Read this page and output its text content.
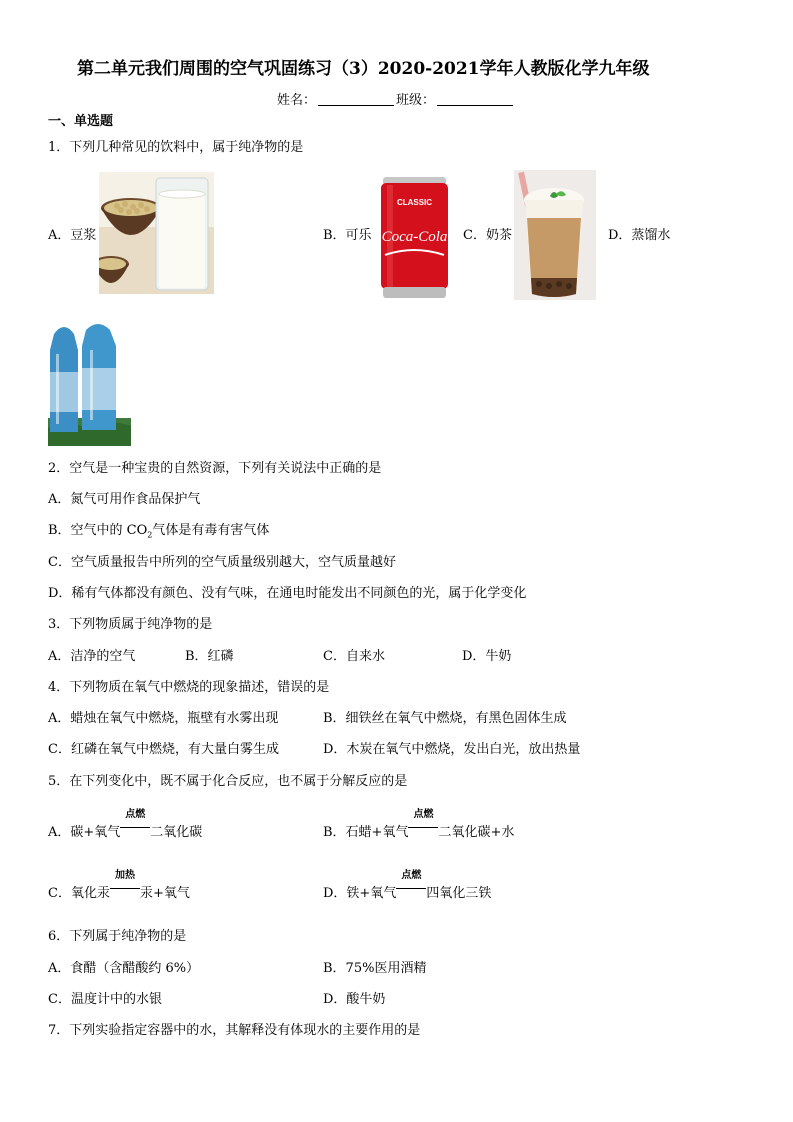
第二单元我们周围的空气巩固练习（3）2020-2021学年人教版化学九年级
姓名：	班级：
一、单选题
1．下列几种常见的饮料中，属于纯净物的是
A．豆浆	B．可乐
CLASSIC
Coca‑Cola C．奶茶	D．蒸馏水
2．空气是一种宝贵的自然资源，下列有关说法中正确的是
A．氮气可用作食品保护气
B．空气中的 $CO_2$气体是有毒有害气体
C．空气质量报告中所列的空气质量级别越大，空气质量越好
D．稀有气体都没有颜色、没有气味，在通电时能发出不同颜色的光，属于化学变化
3．下列物质属于纯净物的是
A．洁净的空气	B．红磷	C．自来水	D．牛奶
4．下列物质在氧气中燃烧的现象描述，错误的是
A．蜡烛在氧气中燃烧，瓶壁有水雾出现	B．细铁丝在氧气中燃烧，有黑色固体生成
C．红磷在氧气中燃烧，有大量白雾生成	D．木炭在氧气中燃烧，发出白光，放出热量
5．在下列变化中，既不属于化合反应，也不属于分解反应的是
A．碳+氧气
点燃
二氧化碳	B．石蜡+氧气
点燃
二氧化碳+水
C．氧化汞
加热
汞+氧气	D．铁+氧气
点燃
四氧化三铁
6．下列属于纯净物的是
A．食醋（含醋酸约 6%）	B．75%医用酒精
C．温度计中的水银	D．酸牛奶
7．下列实验指定容器中的水，其解释没有体现水的主要作用的是
